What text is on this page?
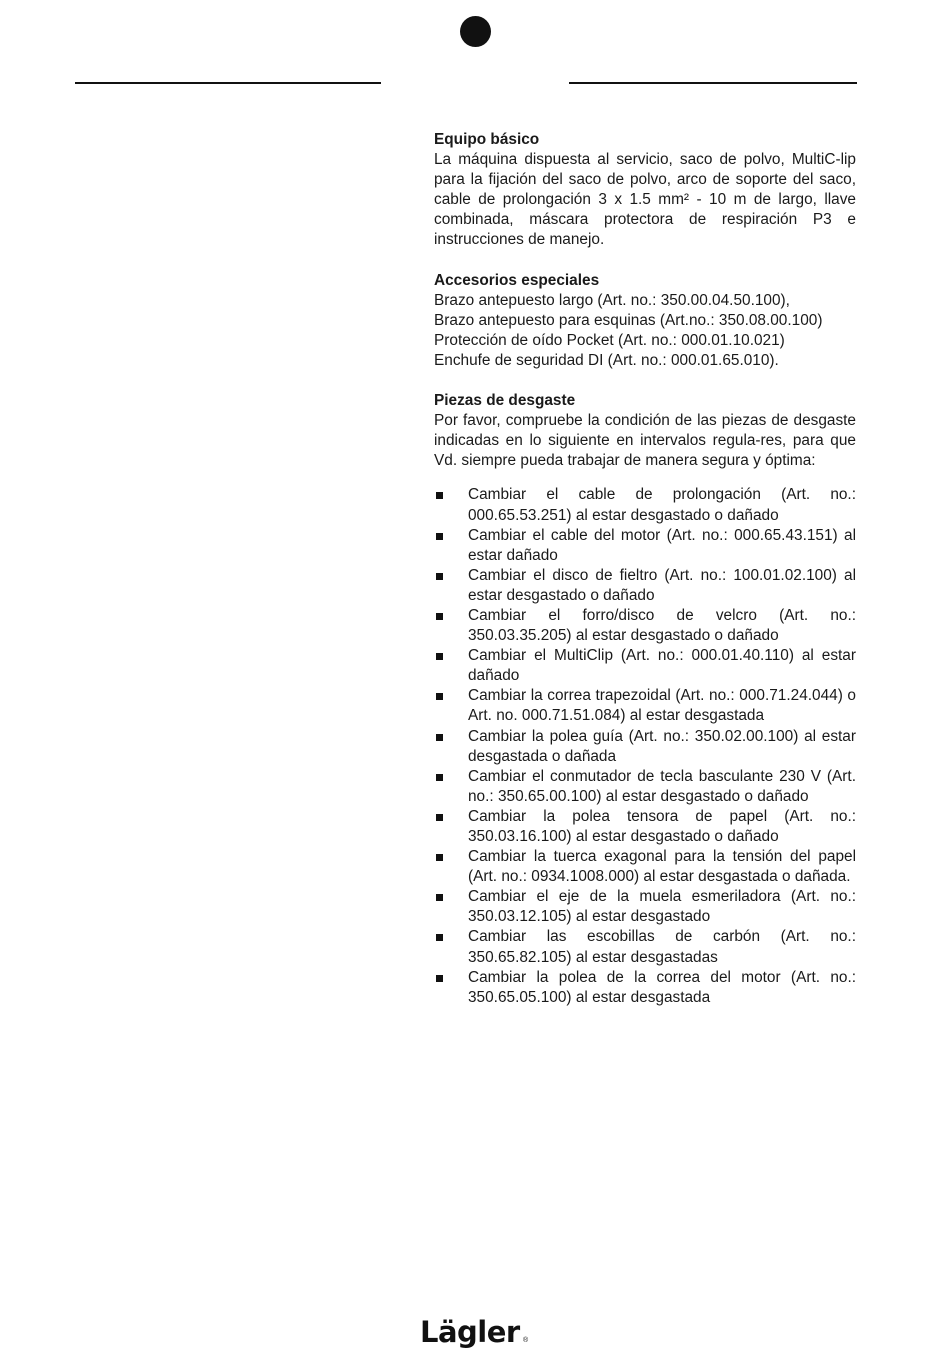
Equipo básico

La máquina dispuesta al servicio, saco de polvo, MultiC-lip para la fijación del saco de polvo, arco de soporte del saco, cable de prolongación 3 x 1.5 mm² - 10 m de largo, llave combinada, máscara protectora de respiración P3 e instrucciones de manejo.

Accesorios especiales
Brazo antepuesto largo (Art. no.: 350.00.04.50.100),
Brazo antepuesto para esquinas (Art.no.: 350.08.00.100)
Protección de oído Pocket (Art. no.: 000.01.10.021)
Enchufe de seguridad DI (Art. no.: 000.01.65.010).
Piezas de desgaste

Por favor, compruebe la condición de las piezas de desgaste indicadas en lo siguiente en intervalos regula-res, para que Vd. siempre pueda trabajar de manera segura y óptima:

Cambiar el cable de prolongación (Art. no.: 000.65.53.251) al estar desgastado o dañado
Cambiar el cable del motor (Art. no.: 000.65.43.151) al estar dañado
Cambiar el disco de fieltro (Art. no.: 100.01.02.100) al estar desgastado o dañado
Cambiar el forro/disco de velcro (Art. no.: 350.03.35.205) al estar desgastado o dañado
Cambiar el MultiClip (Art. no.: 000.01.40.110) al estar dañado
Cambiar la correa trapezoidal (Art. no.: 000.71.24.044) o Art. no. 000.71.51.084) al estar desgastada
Cambiar la polea guía (Art. no.: 350.02.00.100) al estar desgastada o dañada
Cambiar el conmutador de tecla basculante 230 V (Art. no.: 350.65.00.100) al estar desgastado o dañado
Cambiar la polea tensora de papel (Art. no.: 350.03.16.100) al estar desgastado o dañado
Cambiar la tuerca exagonal para la tensión del papel (Art. no.: 0934.1008.000) al estar desgastada o dañada.
Cambiar el eje de la muela esmeriladora (Art. no.: 350.03.12.105) al estar desgastado
Cambiar las escobillas de carbón (Art. no.: 350.65.82.105) al estar desgastadas
Cambiar la polea de la correa del motor (Art. no.: 350.65.05.100) al estar desgastada
Lägler ®
